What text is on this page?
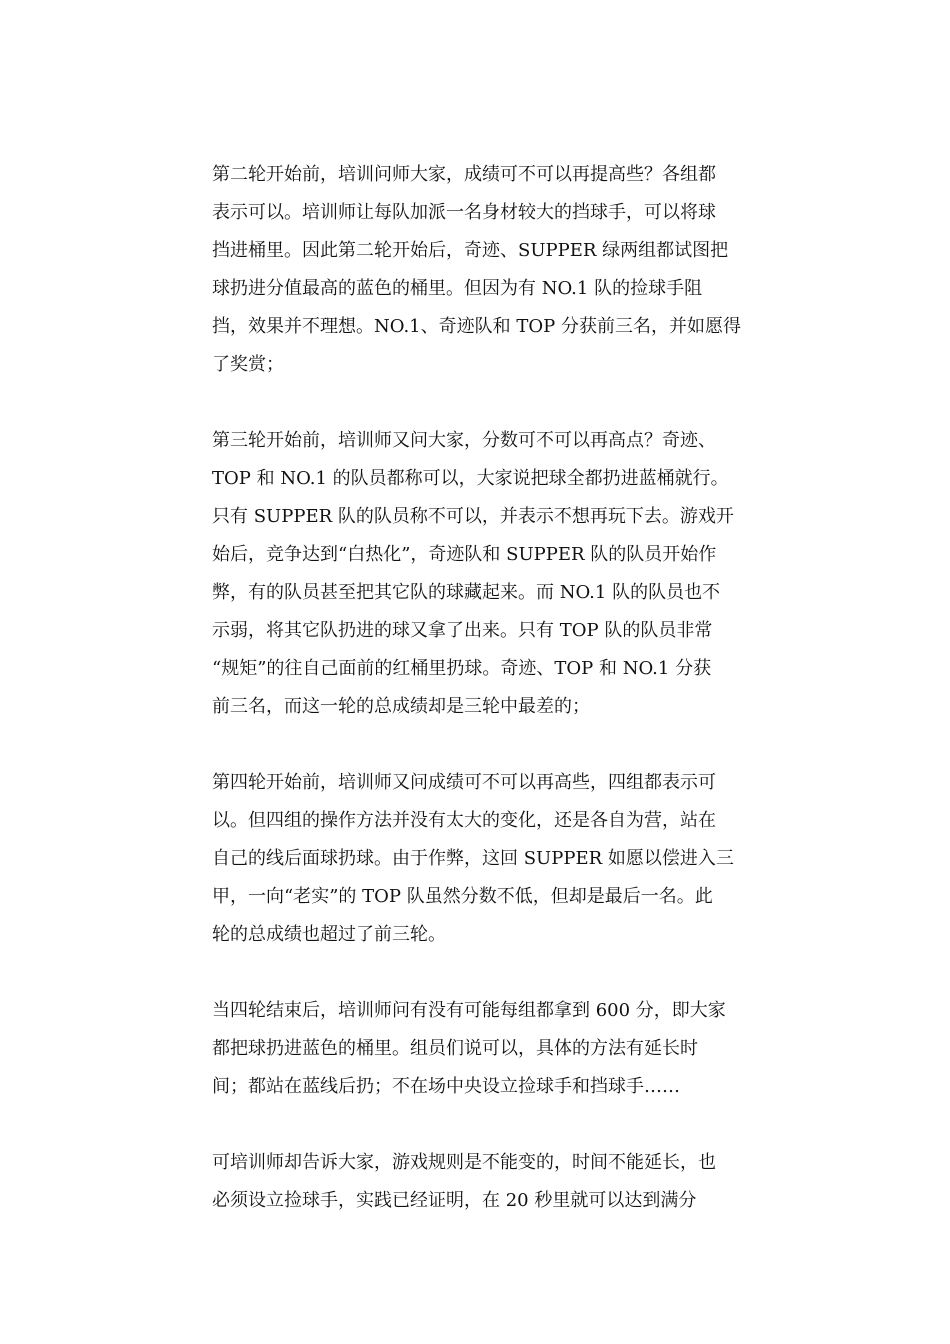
第二轮开始前，培训问师大家，成绩可不可以再提高些？各组都
表示可以。培训师让每队加派一名身材较大的挡球手，可以将球
挡进桶里。因此第二轮开始后，奇迹、SUPPER 绿两组都试图把
球扔进分值最高的蓝色的桶里。但因为有 NO.1 队的捡球手阻
挡，效果并不理想。NO.1、奇迹队和 TOP 分获前三名，并如愿得
了奖赏；
第三轮开始前，培训师又问大家，分数可不可以再高点？奇迹、
TOP 和 NO.1 的队员都称可以，大家说把球全都扔进蓝桶就行。
只有 SUPPER 队的队员称不可以，并表示不想再玩下去。游戏开
始后，竞争达到“白热化”，奇迹队和 SUPPER 队的队员开始作
弊，有的队员甚至把其它队的球藏起来。而 NO.1 队的队员也不
示弱，将其它队扔进的球又拿了出来。只有 TOP 队的队员非常
“规矩”的往自己面前的红桶里扔球。奇迹、TOP 和 NO.1 分获
前三名，而这一轮的总成绩却是三轮中最差的；
第四轮开始前，培训师又问成绩可不可以再高些，四组都表示可
以。但四组的操作方法并没有太大的变化，还是各自为营，站在
自己的线后面球扔球。由于作弊，这回 SUPPER 如愿以偿进入三
甲，一向“老实”的 TOP 队虽然分数不低，但却是最后一名。此
轮的总成绩也超过了前三轮。
当四轮结束后，培训师问有没有可能每组都拿到 600 分，即大家
都把球扔进蓝色的桶里。组员们说可以，具体的方法有延长时
间；都站在蓝线后扔；不在场中央设立捡球手和挡球手……
可培训师却告诉大家，游戏规则是不能变的，时间不能延长，也
必须设立捡球手，实践已经证明，在 20 秒里就可以达到满分
